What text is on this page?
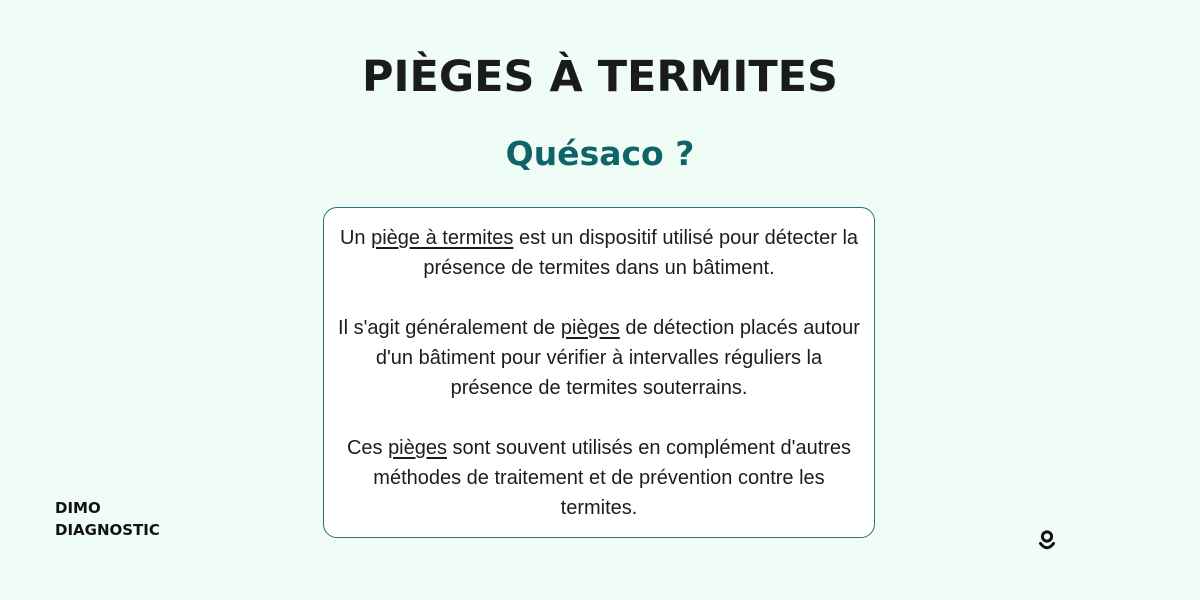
PIÈGES À TERMITES
Quésaco ?

Un piège à termites est un dispositif utilisé pour détecter la présence de termites dans un bâtiment.

Il s'agit généralement de pièges de détection placés autour d'un bâtiment pour vérifier à intervalles réguliers la présence de termites souterrains.

Ces pièges sont souvent utilisés en complément d'autres méthodes de traitement et de prévention contre les termites.

DIMO
DIAGNOSTIC
